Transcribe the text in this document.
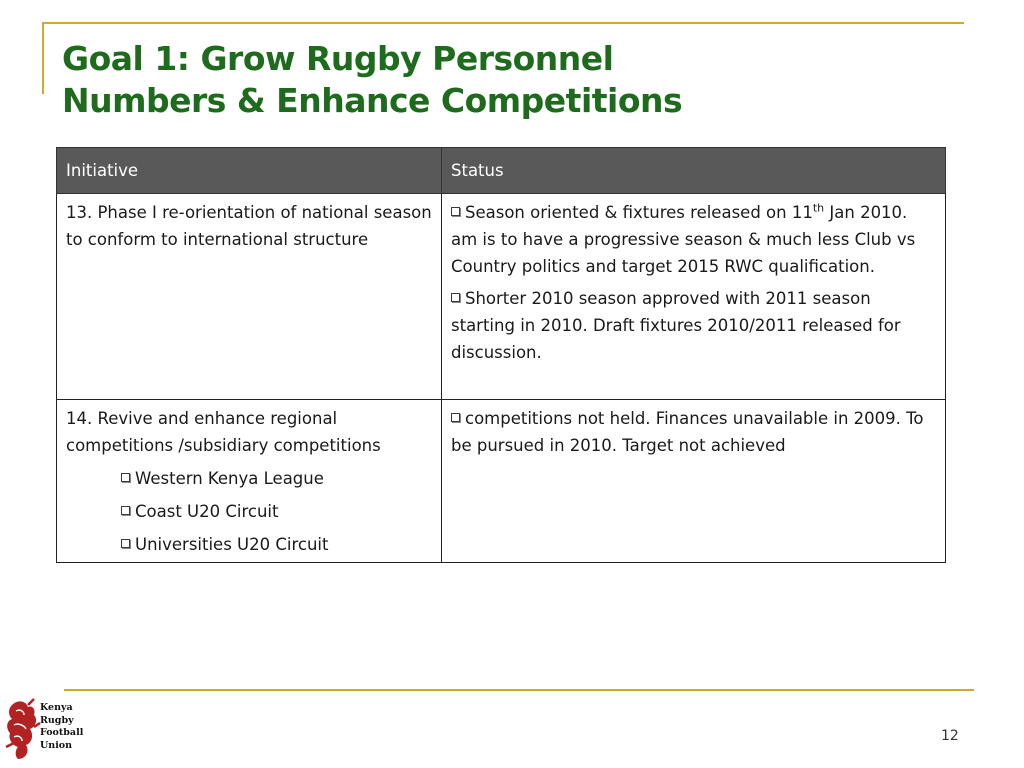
Goal 1: Grow Rugby Personnel
Numbers & Enhance Competitions
Initiative	Status
13. Phase I re-orientation of national season to conform to international structure	Season oriented & fixtures released on 11th Jan 2010. am is to have a progressive season & much less Club vs Country politics and target 2015 RWC qualification.

Shorter 2010 season approved with 2011 season starting in 2010. Draft fixtures 2010/2011 released for discussion.

14. Revive and enhance regional competitions /subsidiary competitions
Western Kenya League
Coast U20 Circuit
Universities U20 Circuit	competitions not held. Finances unavailable in 2009. To be pursued in 2010. Target not achieved

Kenya
Rugby
Football
Union
12
